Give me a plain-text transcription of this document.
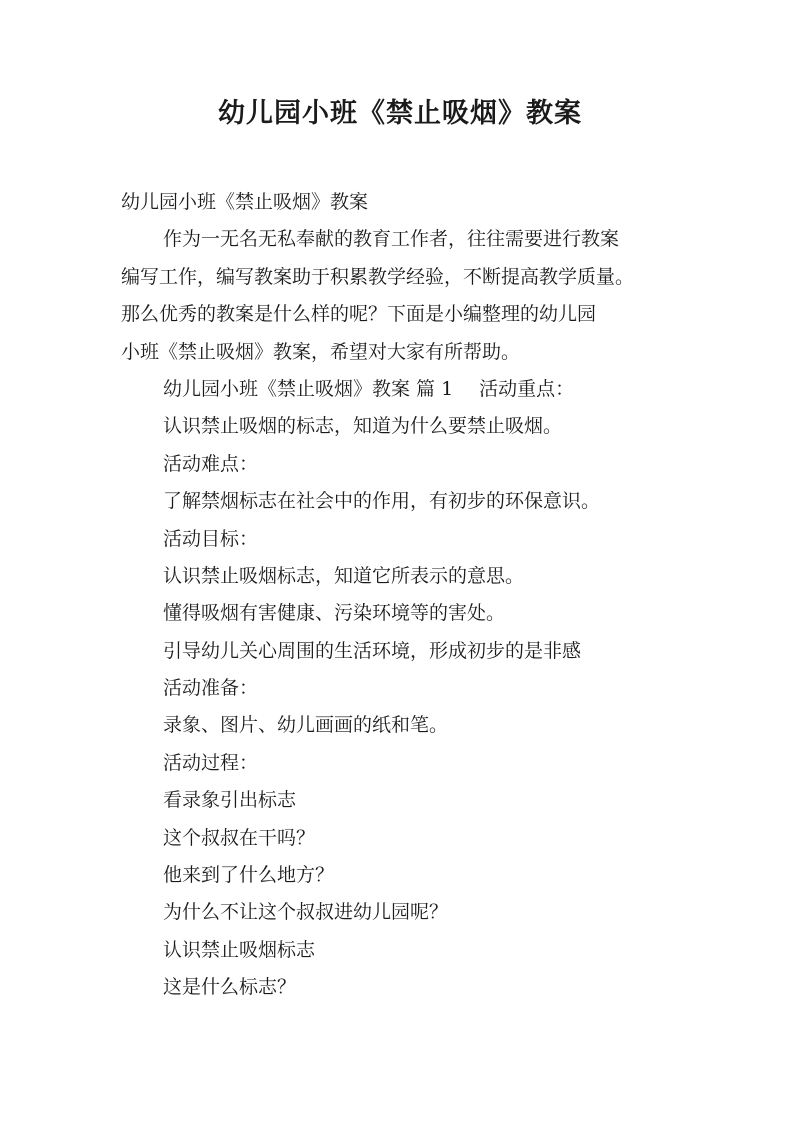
幼儿园小班《禁止吸烟》教案
幼儿园小班《禁止吸烟》教案
作为一无名无私奉献的教育工作者，往往需要进行教案
编写工作，编写教案助于积累教学经验，不断提高教学质量。
那么优秀的教案是什么样的呢？下面是小编整理的幼儿园
小班《禁止吸烟》教案，希望对大家有所帮助。
幼儿园小班《禁止吸烟》教案 篇 1 活动重点：
认识禁止吸烟的标志，知道为什么要禁止吸烟。
活动难点：
了解禁烟标志在社会中的作用，有初步的环保意识。
活动目标：
认识禁止吸烟标志，知道它所表示的意思。
懂得吸烟有害健康、污染环境等的害处。
引导幼儿关心周围的生活环境，形成初步的是非感
活动准备：
录象、图片、幼儿画画的纸和笔。
活动过程：
看录象引出标志
这个叔叔在干吗？
他来到了什么地方？
为什么不让这个叔叔进幼儿园呢？
认识禁止吸烟标志
这是什么标志？
